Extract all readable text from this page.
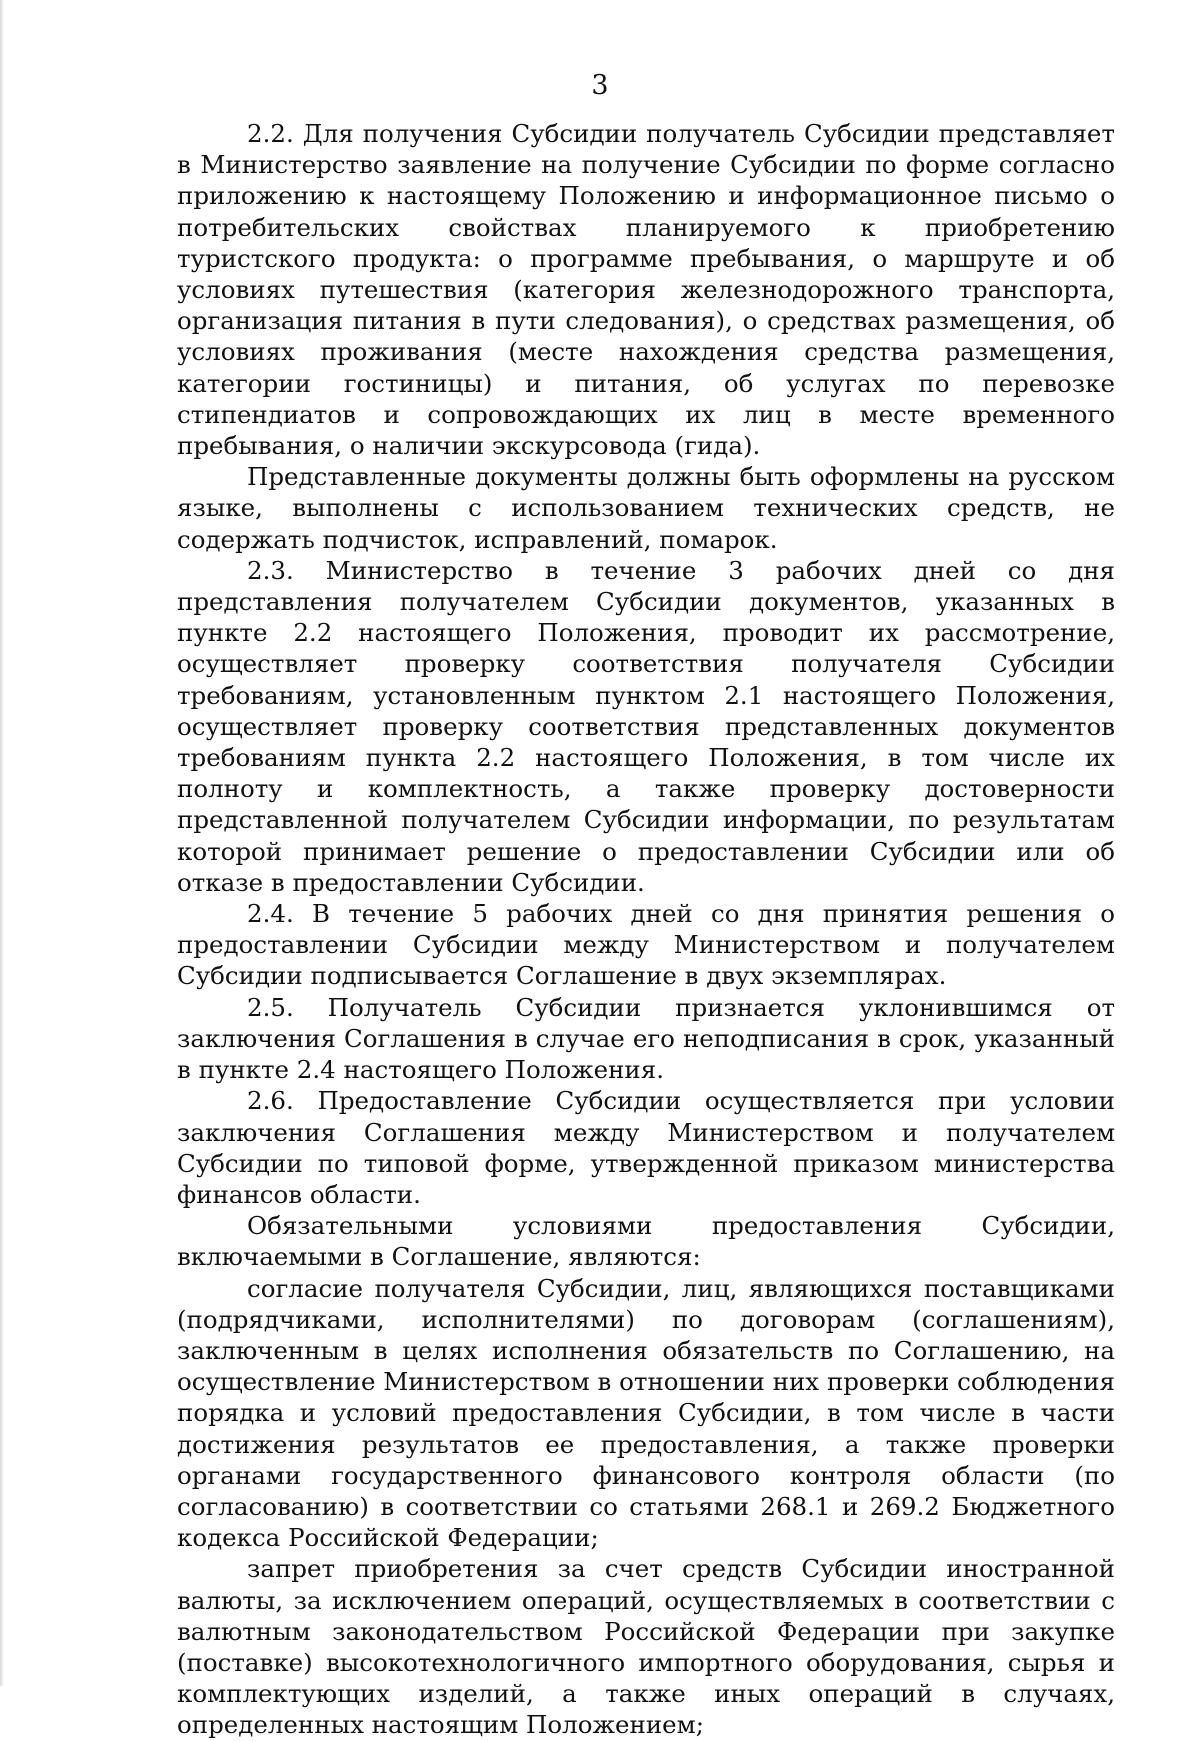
3

2.2. Для получения Субсидии получатель Субсидии представляет в Министерство заявление на получение Субсидии по форме согласно приложению к настоящему Положению и информационное письмо о потребительских свойствах планируемого к приобретению туристского продукта: о программе пребывания, о маршруте и об условиях путешествия (категория железнодорожного транспорта, организация питания в пути следования), о средствах размещения, об условиях проживания (месте нахождения средства размещения, категории гостиницы) и питания, об услугах по перевозке стипендиатов и сопровождающих их лиц в месте временного пребывания, о наличии экскурсовода (гида).

Представленные документы должны быть оформлены на русском языке, выполнены с использованием технических средств, не содержать подчисток, исправлений, помарок.

2.3. Министерство в течение 3 рабочих дней со дня представления получателем Субсидии документов, указанных в пункте 2.2 настоящего Положения, проводит их рассмотрение, осуществляет проверку соответствия получателя Субсидии требованиям, установленным пунктом 2.1 настоящего Положения, осуществляет проверку соответствия представленных документов требованиям пункта 2.2 настоящего Положения, в том числе их полноту и комплектность, а также проверку достоверности представленной получателем Субсидии информации, по результатам которой принимает решение о предоставлении Субсидии или об отказе в предоставлении Субсидии.

2.4. В течение 5 рабочих дней со дня принятия решения о предоставлении Субсидии между Министерством и получателем Субсидии подписывается Соглашение в двух экземплярах.

2.5. Получатель Субсидии признается уклонившимся от заключения Соглашения в случае его неподписания в срок, указанный в пункте 2.4 настоящего Положения.

2.6. Предоставление Субсидии осуществляется при условии заключения Соглашения между Министерством и получателем Субсидии по типовой форме, утвержденной приказом министерства финансов области.

Обязательными условиями предоставления Субсидии, включаемыми в Соглашение, являются:

согласие получателя Субсидии, лиц, являющихся поставщиками (подрядчиками, исполнителями) по договорам (соглашениям), заключенным в целях исполнения обязательств по Соглашению, на осуществление Министерством в отношении них проверки соблюдения порядка и условий предоставления Субсидии, в том числе в части достижения результатов ее предоставления, а также проверки органами государственного финансового контроля области (по согласованию) в соответствии со статьями 268.1 и 269.2 Бюджетного кодекса Российской Федерации;

запрет приобретения за счет средств Субсидии иностранной валюты, за исключением операций, осуществляемых в соответствии с валютным законодательством Российской Федерации при закупке (поставке) высокотехнологичного импортного оборудования, сырья и комплектующих изделий, а также иных операций в случаях, определенных настоящим Положением;
